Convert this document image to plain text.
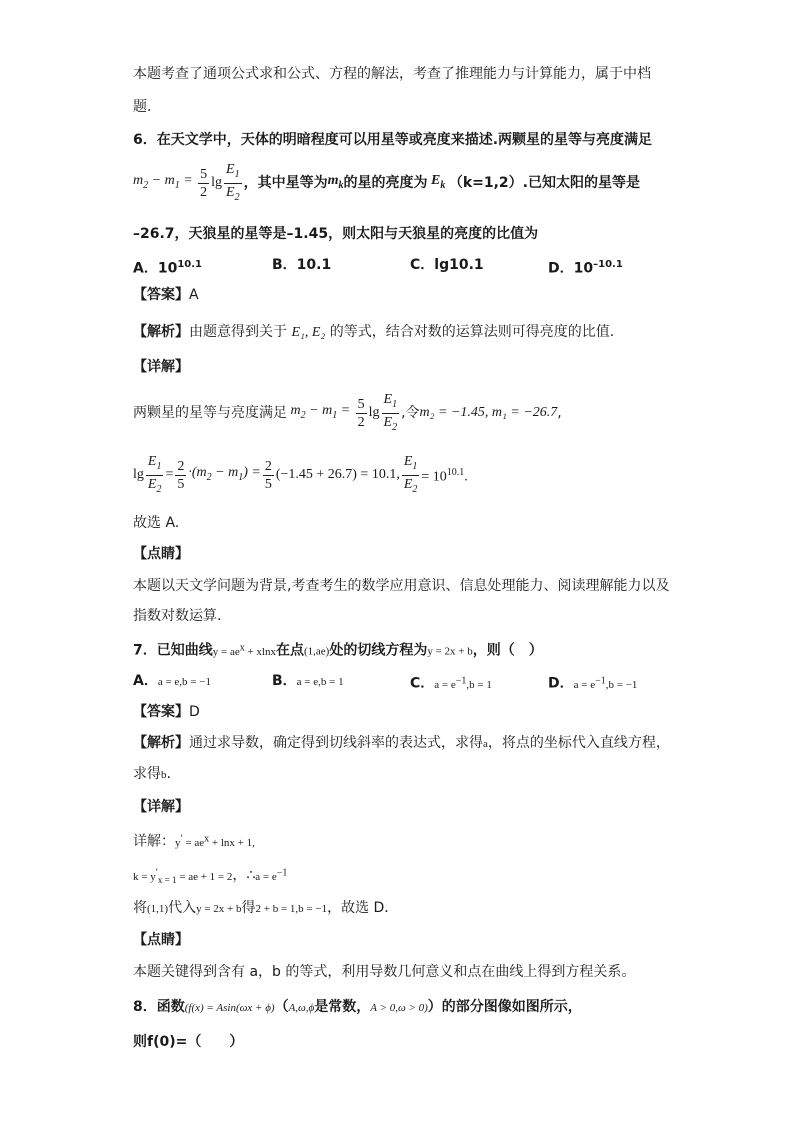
本题考查了通项公式求和公式、方程的解法，考查了推理能力与计算能力，属于中档
题．
6．在天文学中，天体的明暗程度可以用星等或亮度来描述.两颗星的星等与亮度满足
$m_2 - m_1 = \frac{5}{2}$ $\lg \frac{E_1}{E_2}$ ，其中星等为 $m_k$ 的星的亮度为 $E_k$ （k=1,2）.已知太阳的星等是
–26.7，天狼星的星等是–1.45，则太阳与天狼星的亮度的比值为
A．$10^{10.1}$	B．10.1	C．lg10.1	D．$10^{-10.1}$
【答案】A
【解析】由题意得到关于 E₁, E₂ 的等式，结合对数的运算法则可得亮度的比值.
【详解】
两颗星的星等与亮度满足 $m_2 - m_1 = \frac{5}{2}$ $\lg \frac{E_1}{E_2}$ ,令 m₂ = −1.45, m₁ = −26.7 ,
$\lg \frac{E_1}{E_2} = \frac{2}{5} \cdot(m_2 - m_1) = \frac{2}{5} (-1.45 + 26.7) = 10.1$, $\frac{E_1}{E_2} = 10^{10.1}$.
故选 A.
【点睛】
本题以天文学问题为背景,考查考生的数学应用意识、信息处理能力、阅读理解能力以及
指数对数运算.
7．已知曲线$y = ae^x + xlnx$在点(1,ae)处的切线方程为y = 2x + b，则（　）
A．a = e,b = −1	B．a = e,b = 1	C．$a = e^{-1},b = 1$	D．$a = e^{-1},b = -1$
【答案】D
【解析】通过求导数，确定得到切线斜率的表达式，求得a，将点的坐标代入直线方程，
求得b.
【详解】
详解：$y' = ae^x + \ln x + 1$,
$k = y'_{x = 1}$ = ae + 1 = 2，∴a = $e^{-1}$
将(1,1)代入y = 2x + b得2 + b = 1,b = −1，故选 D．
【点睛】
本题关键得到含有 a，b 的等式，利用导数几何意义和点在曲线上得到方程关系。
8．函数(f(x) = Asin(ωx + ϕ)（A,ω,ϕ是常数，A > 0,ω > 0)）的部分图像如图所示，
则f(0)=（　　）
